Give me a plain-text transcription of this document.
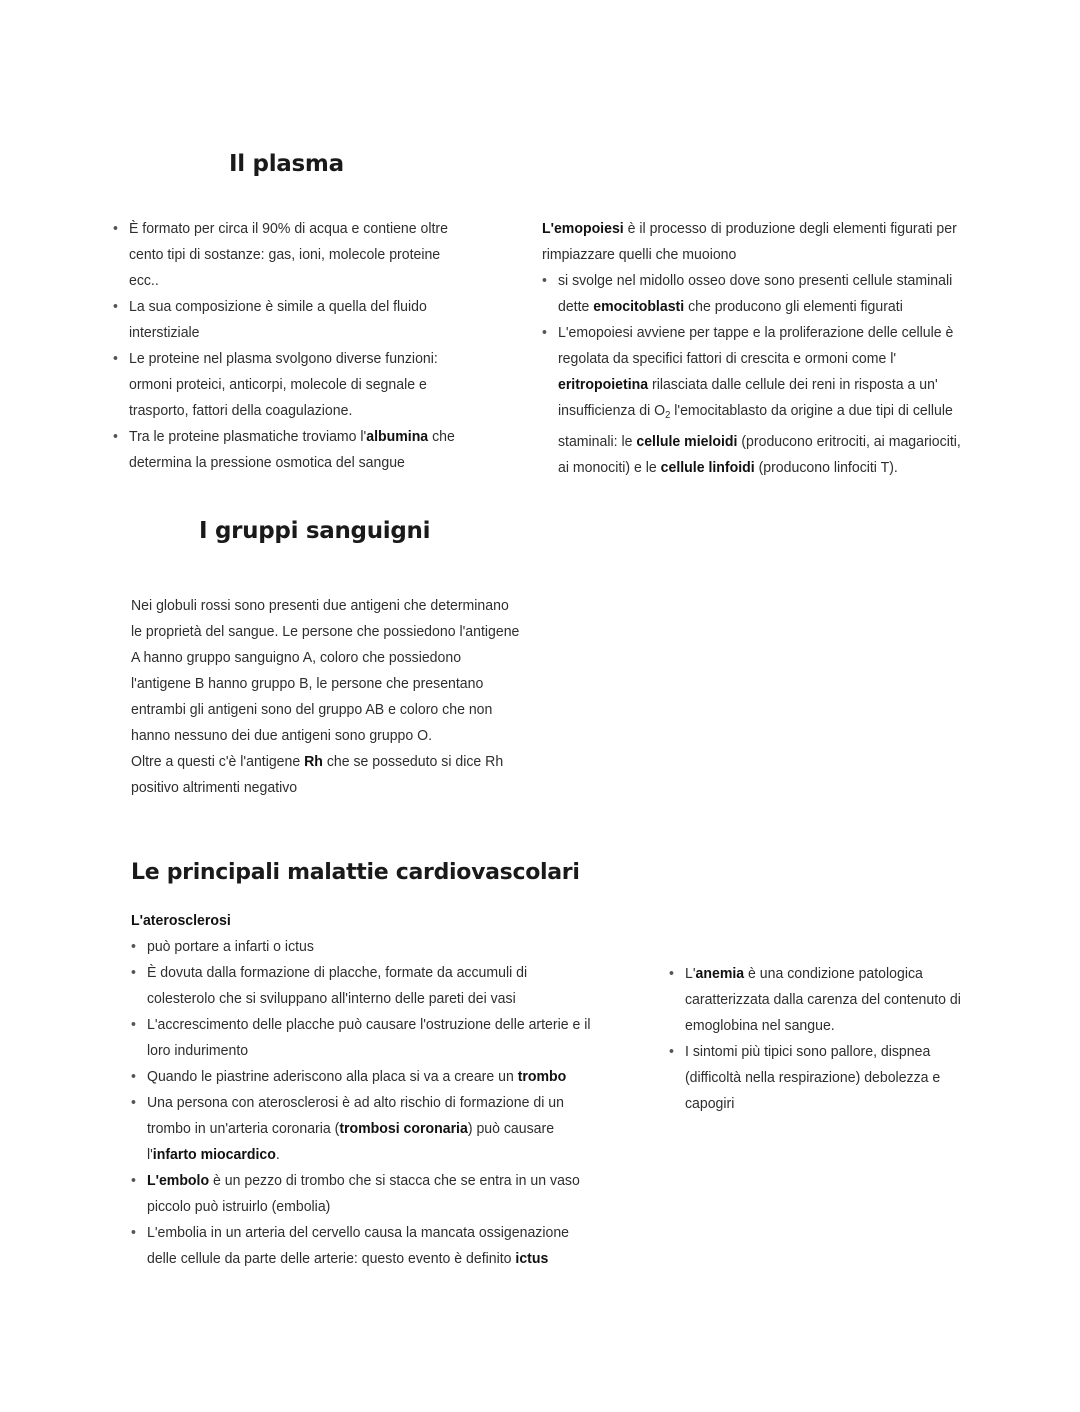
Il plasma
• È formato per circa il 90% di acqua e contiene oltre cento tipi di sostanze: gas, ioni, molecole proteine ecc..
• La sua composizione è simile a quella del fluido interstiziale
• Le proteine nel plasma svolgono diverse funzioni: ormoni proteici, anticorpi, molecole di segnale e trasporto, fattori della coagulazione.
• Tra le proteine plasmatiche troviamo l'albumina che determina la pressione osmotica del sangue

L'emopoiesi è il processo di produzione degli elementi figurati per rimpiazzare quelli che muoiono

• si svolge nel midollo osseo dove sono presenti cellule staminali dette emocitoblasti che producono gli elementi figurati
• L'emopoiesi avviene per tappe e la proliferazione delle cellule è regolata da specifici fattori di crescita e ormoni come l' eritropoietina rilasciata dalle cellule dei reni in risposta a un' insufficienza di $O_2$ l'emocitablasto da origine a due tipi di cellule staminali: le cellule mieloidi (producono eritrociti, ai magariociti, ai monociti) e le cellule linfoidi (producono linfociti T).
I gruppi sanguigni

Nei globuli rossi sono presenti due antigeni che determinano le proprietà del sangue. Le persone che possiedono l'antigene A hanno gruppo sanguigno A, coloro che possiedono l'antigene B hanno gruppo B, le persone che presentano entrambi gli antigeni sono del gruppo AB e coloro che non hanno nessuno dei due antigeni sono gruppo O.

Oltre a questi c'è l'antigene Rh che se posseduto si dice Rh positivo altrimenti negativo

Le principali malattie cardiovascolari

L'aterosclerosi

• può portare a infarti o ictus
• È dovuta dalla formazione di placche, formate da accumuli di colesterolo che si sviluppano all'interno delle pareti dei vasi
• L'accrescimento delle placche può causare l'ostruzione delle arterie e il loro indurimento
• Quando le piastrine aderiscono alla placa si va a creare un trombo
• Una persona con aterosclerosi è ad alto rischio di formazione di un trombo in un'arteria coronaria (trombosi coronaria) può causare l'infarto miocardico.
• L'embolo è un pezzo di trombo che si stacca che se entra in un vaso piccolo può istruirlo (embolia)
• L'embolia in un arteria del cervello causa la mancata ossigenazione delle cellule da parte delle arterie: questo evento è definito ictus
• L'anemia è una condizione patologica caratterizzata dalla carenza del contenuto di emoglobina nel sangue.
• I sintomi più tipici sono pallore, dispnea (difficoltà nella respirazione) debolezza e capogiri
